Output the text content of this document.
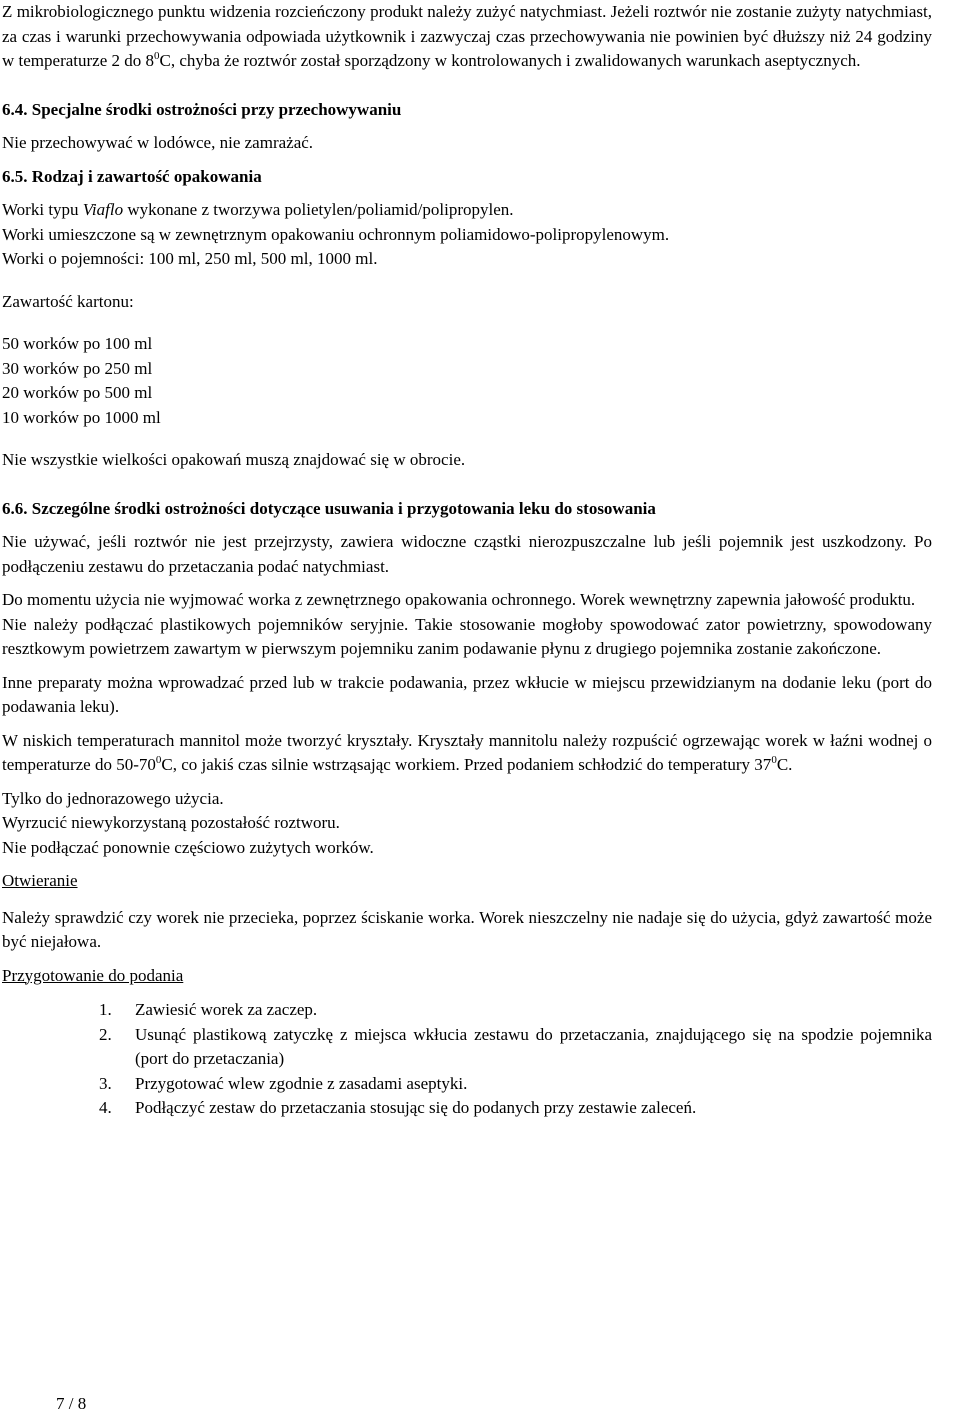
Z mikrobiologicznego punktu widzenia rozcieńczony produkt należy zużyć natychmiast. Jeżeli roztwór nie zostanie zużyty natychmiast, za czas i warunki przechowywania odpowiada użytkownik i zazwyczaj czas przechowywania nie powinien być dłuższy niż 24 godziny w temperaturze 2 do $8^0C$, chyba że roztwór został sporządzony w kontrolowanych i zwalidowanych warunkach aseptycznych.

6.4. Specjalne środki ostrożności przy przechowywaniu

Nie przechowywać w lodówce, nie zamrażać.

6.5. Rodzaj i zawartość opakowania

Worki typu Viaflo wykonane z tworzywa polietylen/poliamid/polipropylen.

Worki umieszczone są w zewnętrznym opakowaniu ochronnym poliamidowo-polipropylenowym.

Worki o pojemności: 100 ml, 250 ml, 500 ml, 1000 ml.

Zawartość kartonu:

50 worków po 100 ml

30 worków po 250 ml

20 worków po 500 ml

10 worków po 1000 ml

Nie wszystkie wielkości opakowań muszą znajdować się w obrocie.

6.6. Szczególne środki ostrożności dotyczące usuwania i przygotowania leku do stosowania

Nie używać, jeśli roztwór nie jest przejrzysty, zawiera widoczne cząstki nierozpuszczalne lub jeśli pojemnik jest uszkodzony. Po podłączeniu zestawu do przetaczania podać natychmiast.

Do momentu użycia nie wyjmować worka z zewnętrznego opakowania ochronnego. Worek wewnętrzny zapewnia jałowość produktu.

Nie należy podłączać plastikowych pojemników seryjnie. Takie stosowanie mogłoby spowodować zator powietrzny, spowodowany resztkowym powietrzem zawartym w pierwszym pojemniku zanim podawanie płynu z drugiego pojemnika zostanie zakończone.

Inne preparaty można wprowadzać przed lub w trakcie podawania, przez wkłucie w miejscu przewidzianym na dodanie leku (port do podawania leku).

W niskich temperaturach mannitol może tworzyć kryształy. Kryształy mannitolu należy rozpuścić ogrzewając worek w łaźni wodnej o temperaturze do $50-70^0C$, co jakiś czas silnie wstrząsając workiem. Przed podaniem schłodzić do temperatury $37^0C$.

Tylko do jednorazowego użycia.

Wyrzucić niewykorzystaną pozostałość roztworu.

Nie podłączać ponownie częściowo zużytych worków.

Otwieranie

Należy sprawdzić czy worek nie przecieka, poprzez ściskanie worka. Worek nieszczelny nie nadaje się do użycia, gdyż zawartość może być niejałowa.

Przygotowanie do podania

1.	Zawiesić worek za zaczep.
2.	Usunąć plastikową zatyczkę z miejsca wkłucia zestawu do przetaczania, znajdującego się na spodzie pojemnika (port do przetaczania)
3.	Przygotować wlew zgodnie z zasadami aseptyki.
4.	Podłączyć zestaw do przetaczania stosując się do podanych przy zestawie zaleceń.
7 / 8
